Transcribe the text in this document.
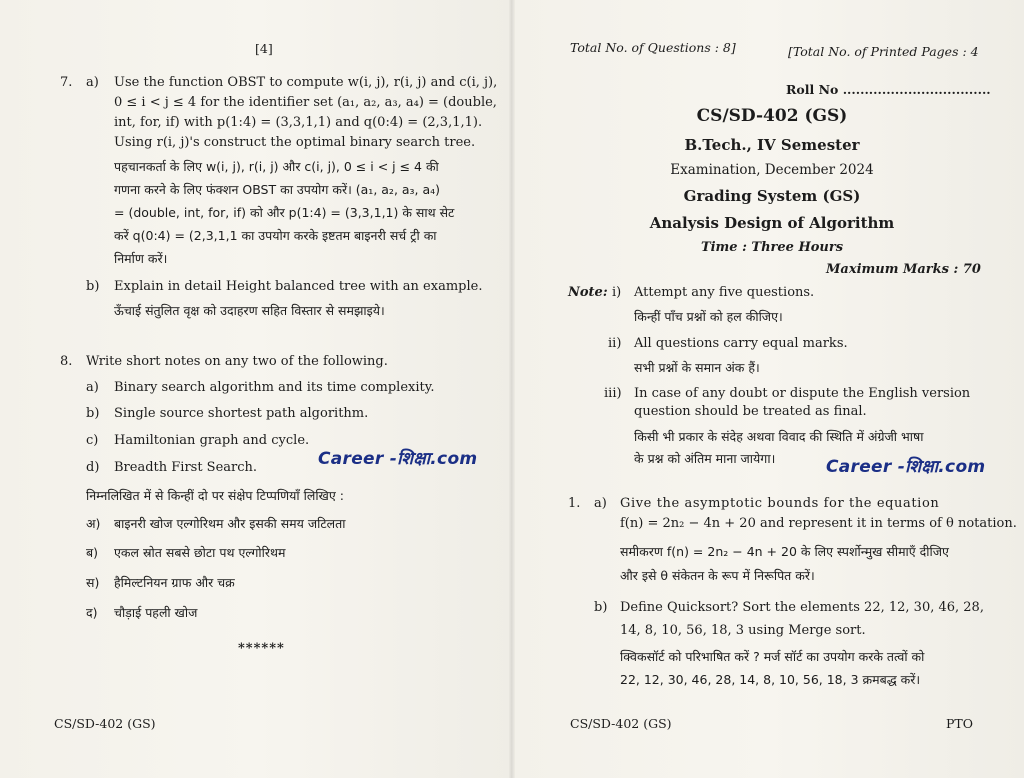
[4]
7. a) Use the function OBST to compute w(i, j), r(i, j) and c(i, j),
0 ≤ i < j ≤ 4 for the identifier set (a₁, a₂, a₃, a₄) = (double,
int, for, if) with p(1:4) = (3,3,1,1) and q(0:4) = (2,3,1,1).
Using r(i, j)'s construct the optimal binary search tree.
पहचानकर्ता के लिए w(i, j), r(i, j) और c(i, j), 0 ≤ i < j ≤ 4 की
गणना करने के लिए फंक्शन OBST का उपयोग करें। (a₁, a₂, a₃, a₄)
= (double, int, for, if) को और p(1:4) = (3,3,1,1) के साथ सेट
करें q(0:4) = (2,3,1,1 का उपयोग करके इष्टतम बाइनरी सर्च ट्री का
निर्माण करें।
b) Explain in detail Height balanced tree with an example.
ऊँचाई संतुलित वृक्ष को उदाहरण सहित विस्तार से समझाइये।
8. Write short notes on any two of the following.
a) Binary search algorithm and its time complexity.
b) Single source shortest path algorithm.
c) Hamiltonian graph and cycle.
d) Breadth First Search.	Career -शिक्षा.com
निम्नलिखित में से किन्हीं दो पर संक्षेप टिप्पणियाँ लिखिए :
अ) बाइनरी खोज एल्गोरिथम और इसकी समय जटिलता
ब) एकल स्रोत सबसे छोटा पथ एल्गोरिथम
स) हैमिल्टनियन ग्राफ और चक्र
द) चौड़ाई पहली खोज
******
CS/SD-402 (GS)
Total No. of Questions : 8]	[Total No. of Printed Pages : 4
Roll No ..................................
CS/SD-402 (GS)
B.Tech., IV Semester
Examination, December 2024
Grading System (GS)
Analysis Design of Algorithm
Time : Three Hours
Maximum Marks : 70
Note: i) Attempt any five questions.
किन्हीं पाँच प्रश्नों को हल कीजिए।
ii) All questions carry equal marks.
सभी प्रश्नों के समान अंक हैं।
iii) In case of any doubt or dispute the English version
question should be treated as final.
किसी भी प्रकार के संदेह अथवा विवाद की स्थिति में अंग्रेजी भाषा
के प्रश्न को अंतिम माना जायेगा।	Career -शिक्षा.com
1. a) Give the asymptotic bounds for the equation
f(n) = 2n₂ − 4n + 20 and represent it in terms of θ notation.
समीकरण f(n) = 2n₂ − 4n + 20 के लिए स्पर्शोन्मुख सीमाएँ दीजिए
और इसे θ संकेतन के रूप में निरूपित करें।
b) Define Quicksort? Sort the elements 22, 12, 30, 46, 28,
14, 8, 10, 56, 18, 3 using Merge sort.
क्विकसॉर्ट को परिभाषित करें ? मर्ज सॉर्ट का उपयोग करके तत्वों को
22, 12, 30, 46, 28, 14, 8, 10, 56, 18, 3 क्रमबद्ध करें।
CS/SD-402 (GS)	PTO
